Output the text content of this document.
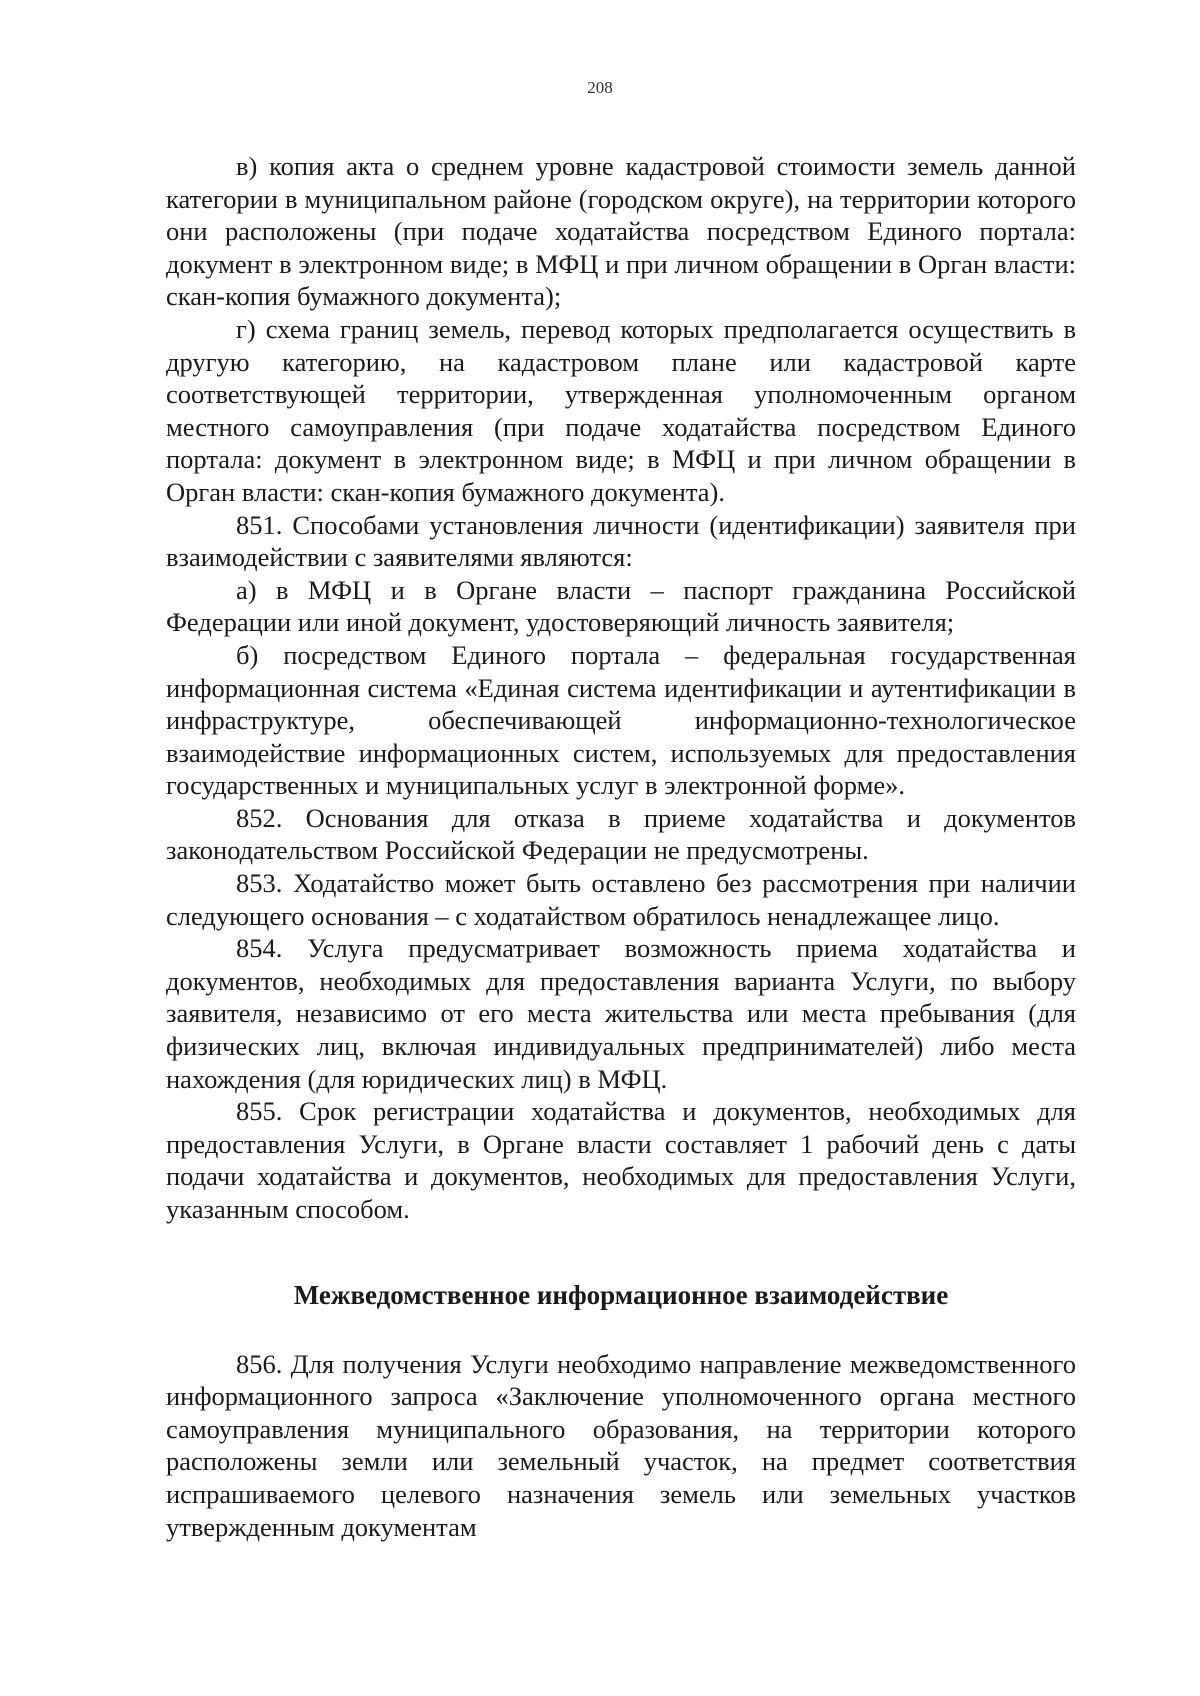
208

в) копия акта о среднем уровне кадастровой стоимости земель данной категории в муниципальном районе (городском округе), на территории которого они расположены (при подаче ходатайства посредством Единого портала: документ в электронном виде; в МФЦ и при личном обращении в Орган власти: скан-копия бумажного документа);

г) схема границ земель, перевод которых предполагается осуществить в другую категорию, на кадастровом плане или кадастровой карте соответствующей территории, утвержденная уполномоченным органом местного самоуправления (при подаче ходатайства посредством Единого портала: документ в электронном виде; в МФЦ и при личном обращении в Орган власти: скан-копия бумажного документа).

851. Способами установления личности (идентификации) заявителя при взаимодействии с заявителями являются:

а) в МФЦ и в Органе власти – паспорт гражданина Российской Федерации или иной документ, удостоверяющий личность заявителя;

б) посредством Единого портала – федеральная государственная информационная система «Единая система идентификации и аутентификации в инфраструктуре, обеспечивающей информационно-технологическое взаимодействие информационных систем, используемых для предоставления государственных и муниципальных услуг в электронной форме».

852. Основания для отказа в приеме ходатайства и документов законодательством Российской Федерации не предусмотрены.

853. Ходатайство может быть оставлено без рассмотрения при наличии следующего основания – с ходатайством обратилось ненадлежащее лицо.

854. Услуга предусматривает возможность приема ходатайства и документов, необходимых для предоставления варианта Услуги, по выбору заявителя, независимо от его места жительства или места пребывания (для физических лиц, включая индивидуальных предпринимателей) либо места нахождения (для юридических лиц) в МФЦ.

855. Срок регистрации ходатайства и документов, необходимых для предоставления Услуги, в Органе власти составляет 1 рабочий день с даты подачи ходатайства и документов, необходимых для предоставления Услуги, указанным способом.

Межведомственное информационное взаимодействие

856. Для получения Услуги необходимо направление межведомственного информационного запроса «Заключение уполномоченного органа местного самоуправления муниципального образования, на территории которого расположены земли или земельный участок, на предмет соответствия испрашиваемого целевого назначения земель или земельных участков утвержденным документам
